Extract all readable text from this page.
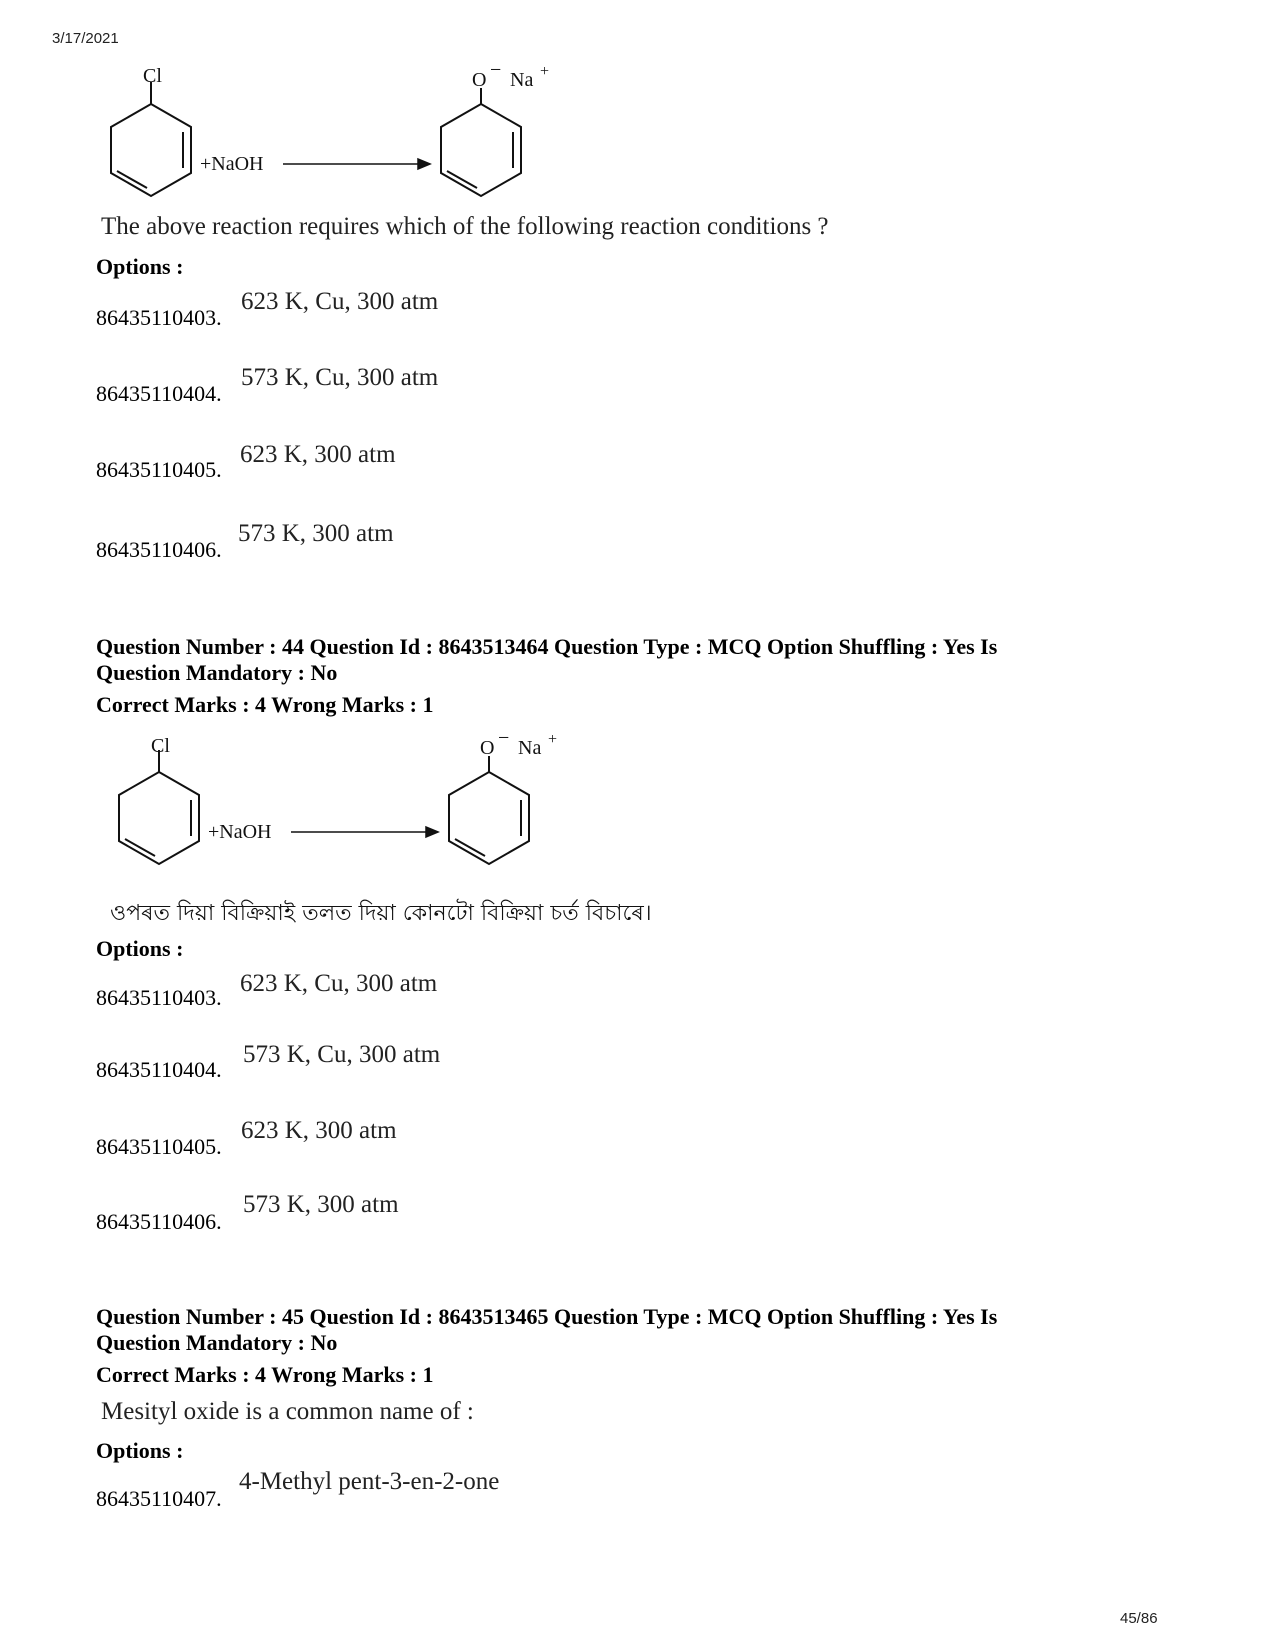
3/17/2021
Cl
+NaOH
O − Na +
The above reaction requires which of the following reaction conditions ?
Options :
86435110403.
623 K, Cu, 300 atm
86435110404.
573 K, Cu, 300 atm
86435110405.
623 K, 300 atm
86435110406.
573 K, 300 atm
Question Number : 44 Question Id : 8643513464 Question Type : MCQ Option Shuffling : Yes Is
Question Mandatory : No
Correct Marks : 4 Wrong Marks : 1
Cl
+NaOH
O − Na +
ওপৰত দিয়া বিক্ৰিয়াই তলত দিয়া কোনটো বিক্ৰিয়া চৰ্ত বিচাৰে।
Options :
86435110403.
623 K, Cu, 300 atm
86435110404.
573 K, Cu, 300 atm
86435110405.
623 K, 300 atm
86435110406.
573 K, 300 atm
Question Number : 45 Question Id : 8643513465 Question Type : MCQ Option Shuffling : Yes Is
Question Mandatory : No
Correct Marks : 4 Wrong Marks : 1
Mesityl oxide is a common name of :
Options :
86435110407.
4-Methyl pent-3-en-2-one
45/86
